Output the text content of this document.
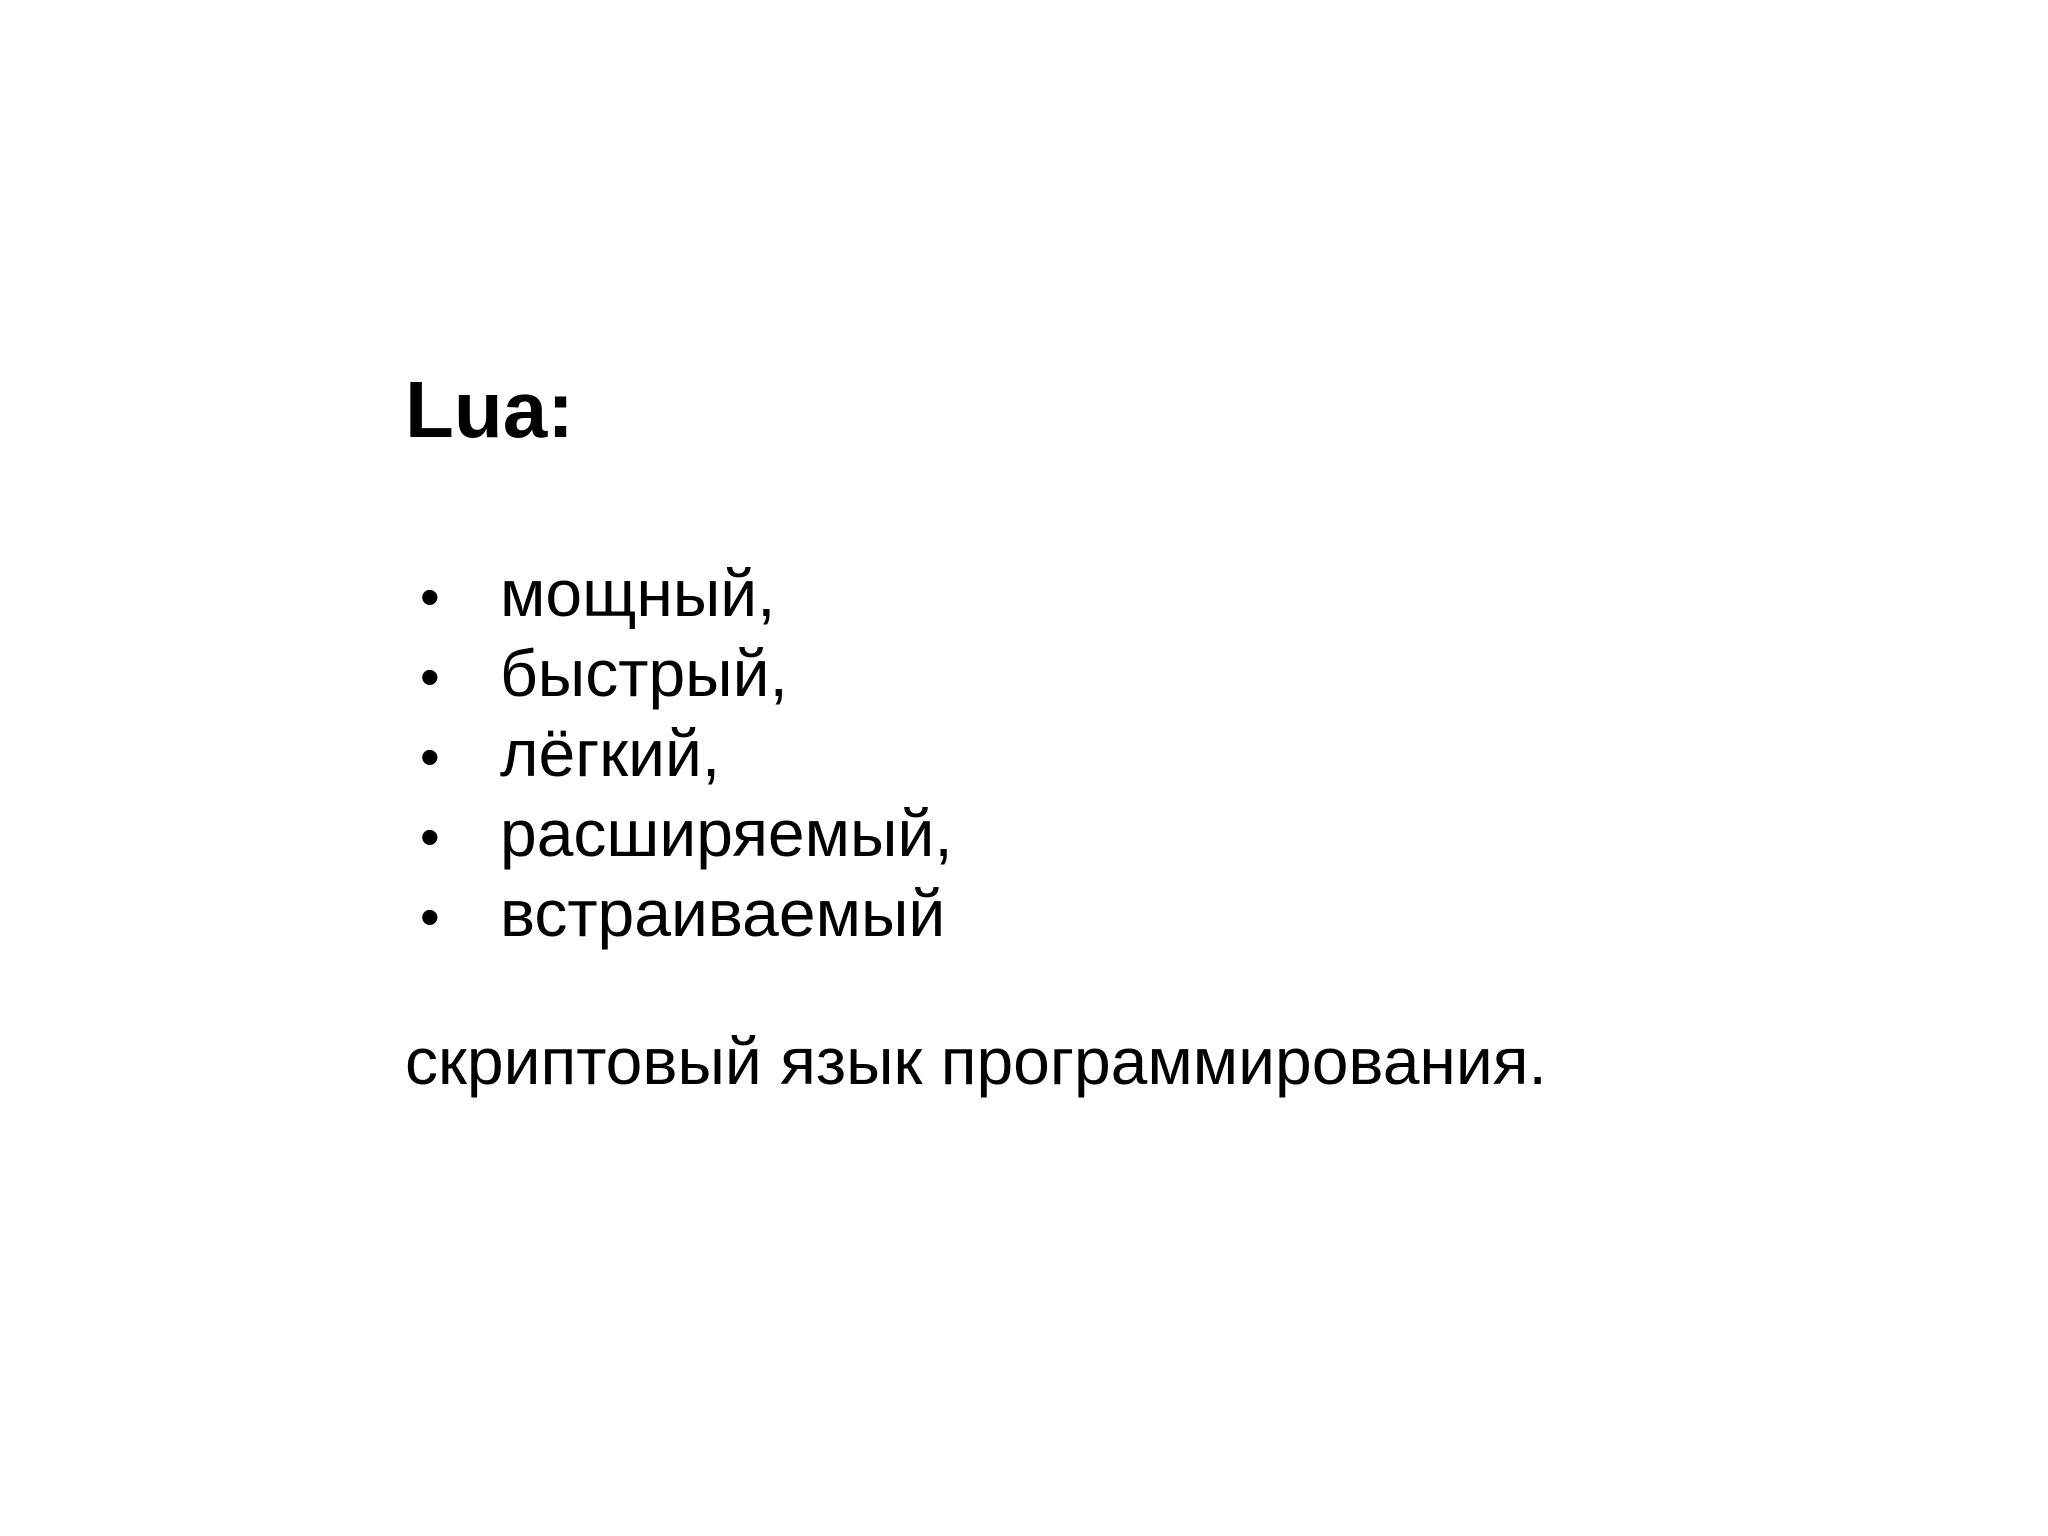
Lua:
• мощный,
• быстрый,
• лёгкий,
• расширяемый,
• встраиваемый

скриптовый язык программирования.
